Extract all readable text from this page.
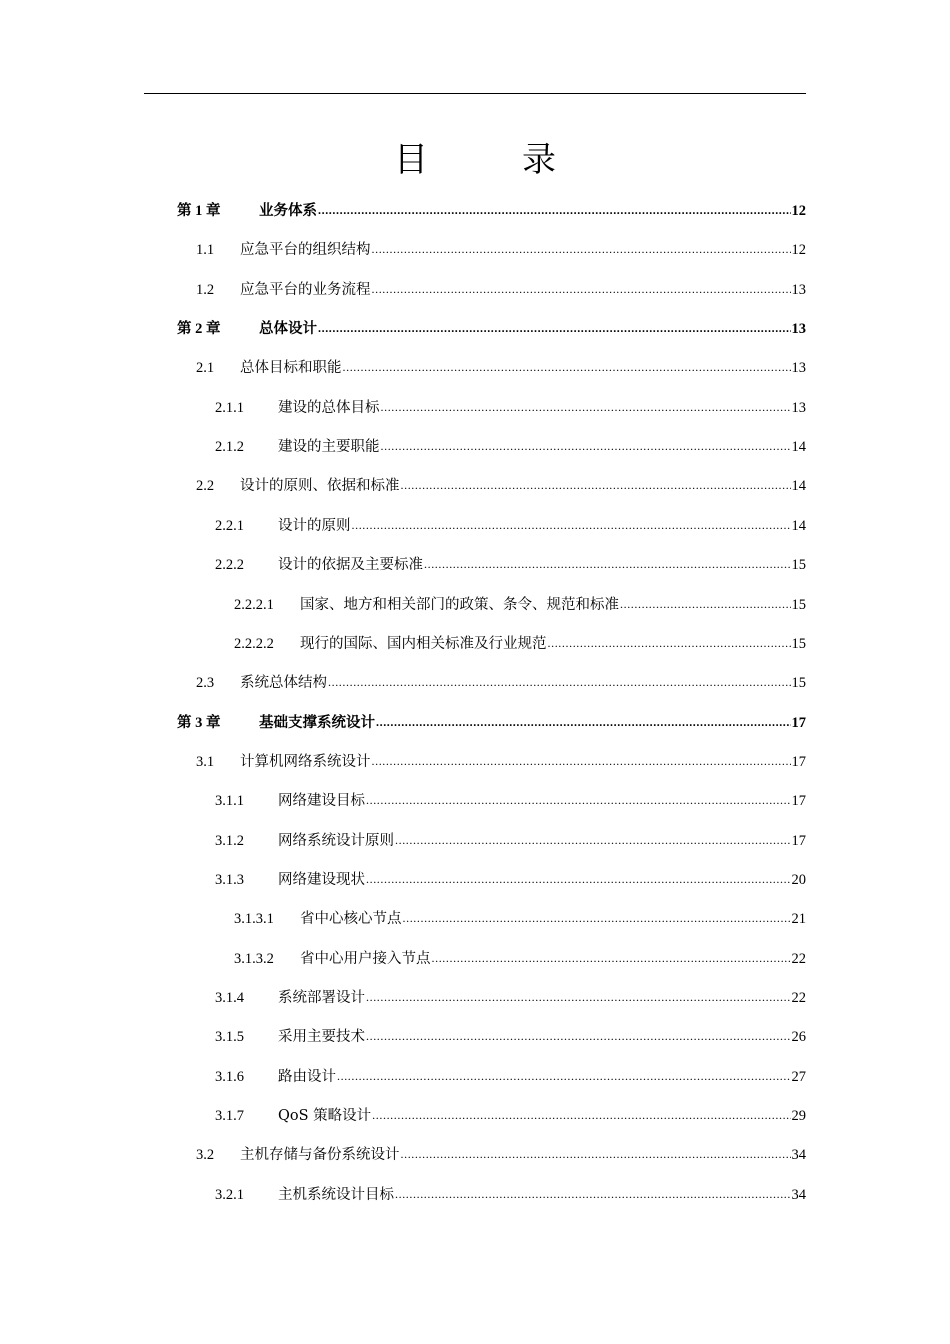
目　录
第 1 章	业务体系 .....	12
1.1	应急平台的组织结构 .....	12
1.2	应急平台的业务流程 .....	13
第 2 章	总体设计 .....	13
2.1	总体目标和职能 .....	13
2.1.1	建设的总体目标 .....	13
2.1.2	建设的主要职能 .....	14
2.2	设计的原则、依据和标准 .....	14
2.2.1	设计的原则 .....	14
2.2.2	设计的依据及主要标准 .....	15
2.2.2.1	国家、地方和相关部门的政策、条令、规范和标准 .....	15
2.2.2.2	现行的国际、国内相关标准及行业规范 .....	15
2.3	系统总体结构 .....	15
第 3 章	基础支撑系统设计 .....	17
3.1	计算机网络系统设计 .....	17
3.1.1	网络建设目标 .....	17
3.1.2	网络系统设计原则 .....	17
3.1.3	网络建设现状 .....	20
3.1.3.1	省中心核心节点 .....	21
3.1.3.2	省中心用户接入节点 .....	22
3.1.4	系统部署设计 .....	22
3.1.5	采用主要技术 .....	26
3.1.6	路由设计 .....	27
3.1.7	QoS 策略设计 .....	29
3.2	主机存储与备份系统设计 .....	34
3.2.1	主机系统设计目标 .....	34
